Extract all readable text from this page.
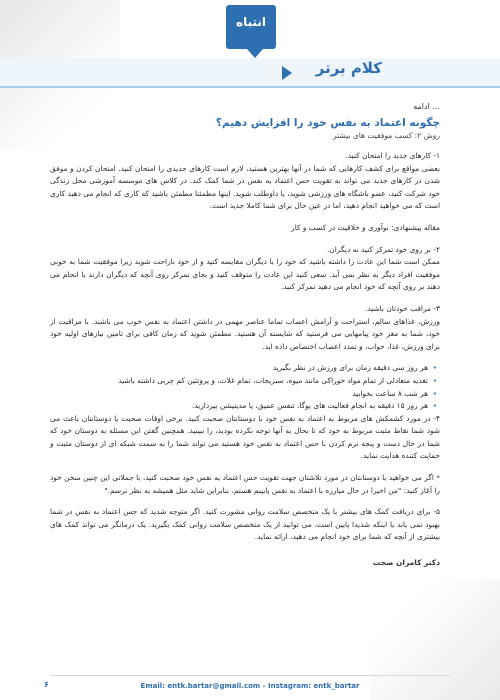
انتباه
کلام برتر
... ادامه
چگونه اعتماد به نفس خود را افزایش دهیم؟
روش ۲: کسب موفقیت های بیشتر

۱- کارهای جدید را امتحان کنید.

بعضی مواقع برای کشف کارهایی که شما در آنها بهترین هستید، لازم است کارهای جدیدی را امتحان کنید. امتحان کردن و موفق شدن در کارهای جدید می تواند به تقویت حس اعتماد به نفس در شما کمک کند. در کلاس های موسسه آموزشی محل زندگی خود شرکت کنید، عضو باشگاه های ورزشی شوید، یا داوطلب شوید. اینها مطمئنا مطمئن باشید که کاری که انجام می دهید کاری است که می خواهید انجام دهید، اما در عین حال برای شما کاملا جدید است.

مقاله پیشنهادی: نوآوری و خلاقیت در کسب و کار

۲- بر روی خود تمرکز کنید نه دیگران.

ممکن است شما این عادت را داشته باشید که خود را با دیگران مقایسه کنید و از خود ناراحت شوید زیرا موفقیت شما به خوبی موفقیت افراد دیگر به نظر نمی آید. سعی کنید این عادت را متوقف کنید و بجای تمرکز روی آنچه که دیگران دارند یا انجام می دهند بر روی آنچه که خود انجام می دهید تمرکز کنید.

۳- مراقب خودتان باشید.

ورزش، غذاهای سالم، استراحت و آرامش اعصاب تماما عناصر مهمی در داشتن اعتماد به نفس خوب می باشند. با مراقبت از خود، شما به مغز خود پیامهایی می فرستید که شایسته آن هستید. مطمئن شوید که زمان کافی برای تامین نیازهای اولیه خود برای ورزش، غذا، خواب، و تمدد اعصاب اختصاص داده اید.

• هر روز سی دقیقه زمان برای ورزش در نظر بگیرید
• تغذیه متعادلی از تمام مواد خوراکی مانند میوه، سبزیجات، تمام غلات، و پروتئین کم چربی داشته باشید
• هر شب ۸ ساعت بخوابید
• هر روز ۱۵ دقیقه به انجام فعالیت های یوگا، تنفس عمیق، یا مدیتیشن بپردازید.

۴- در مورد کشمکش های مربوط به اعتماد به نفس خود با دوستانتان صحبت کنید. برخی اوقات صحبت با دوستانتان باعث می شود شما نقاط مثبت مربوط به خود که تا بحال به آنها توجه نکرده بودید، را ببینید. همچنین گفتن این مسئله به دوستان خود که شما در حال دست و پنجه نرم کردن با حس اعتماد به نفس خود هستید می تواند شما را به سمت شبکه ای از دوستان مثبت و حمایت کننده هدایت نماید.

* اگر می خواهید با دوستانتان در مورد تلاشتان جهت تقویت حس اعتماد به نفس خود صحبت کنید، با جملاتی این چنین سخن خود را آغاز کنید: "من اخیرا در حال مبارزه با اعتماد به نفس پایینم هستم، بنابراین شاید مثل همیشه به نظر نرسم."

۵- برای دریافت کمک های بیشتر با یک متخصص سلامت روانی مشورت کنید. اگر متوجه شدید که حس اعتماد به نفس در شما بهبود نمی یابد یا اینکه شدیدا پایین است، می توانید از یک متخصص سلامت روانی کمک بگیرید. یک درمانگر می تواند کمک های بیشتری از آنچه که شما برای خود انجام می دهید، ارائه نماید.

دکتر کامران صحت
Email: entk.bartar@gmail.com - Instagram: entk_bartar
۶
